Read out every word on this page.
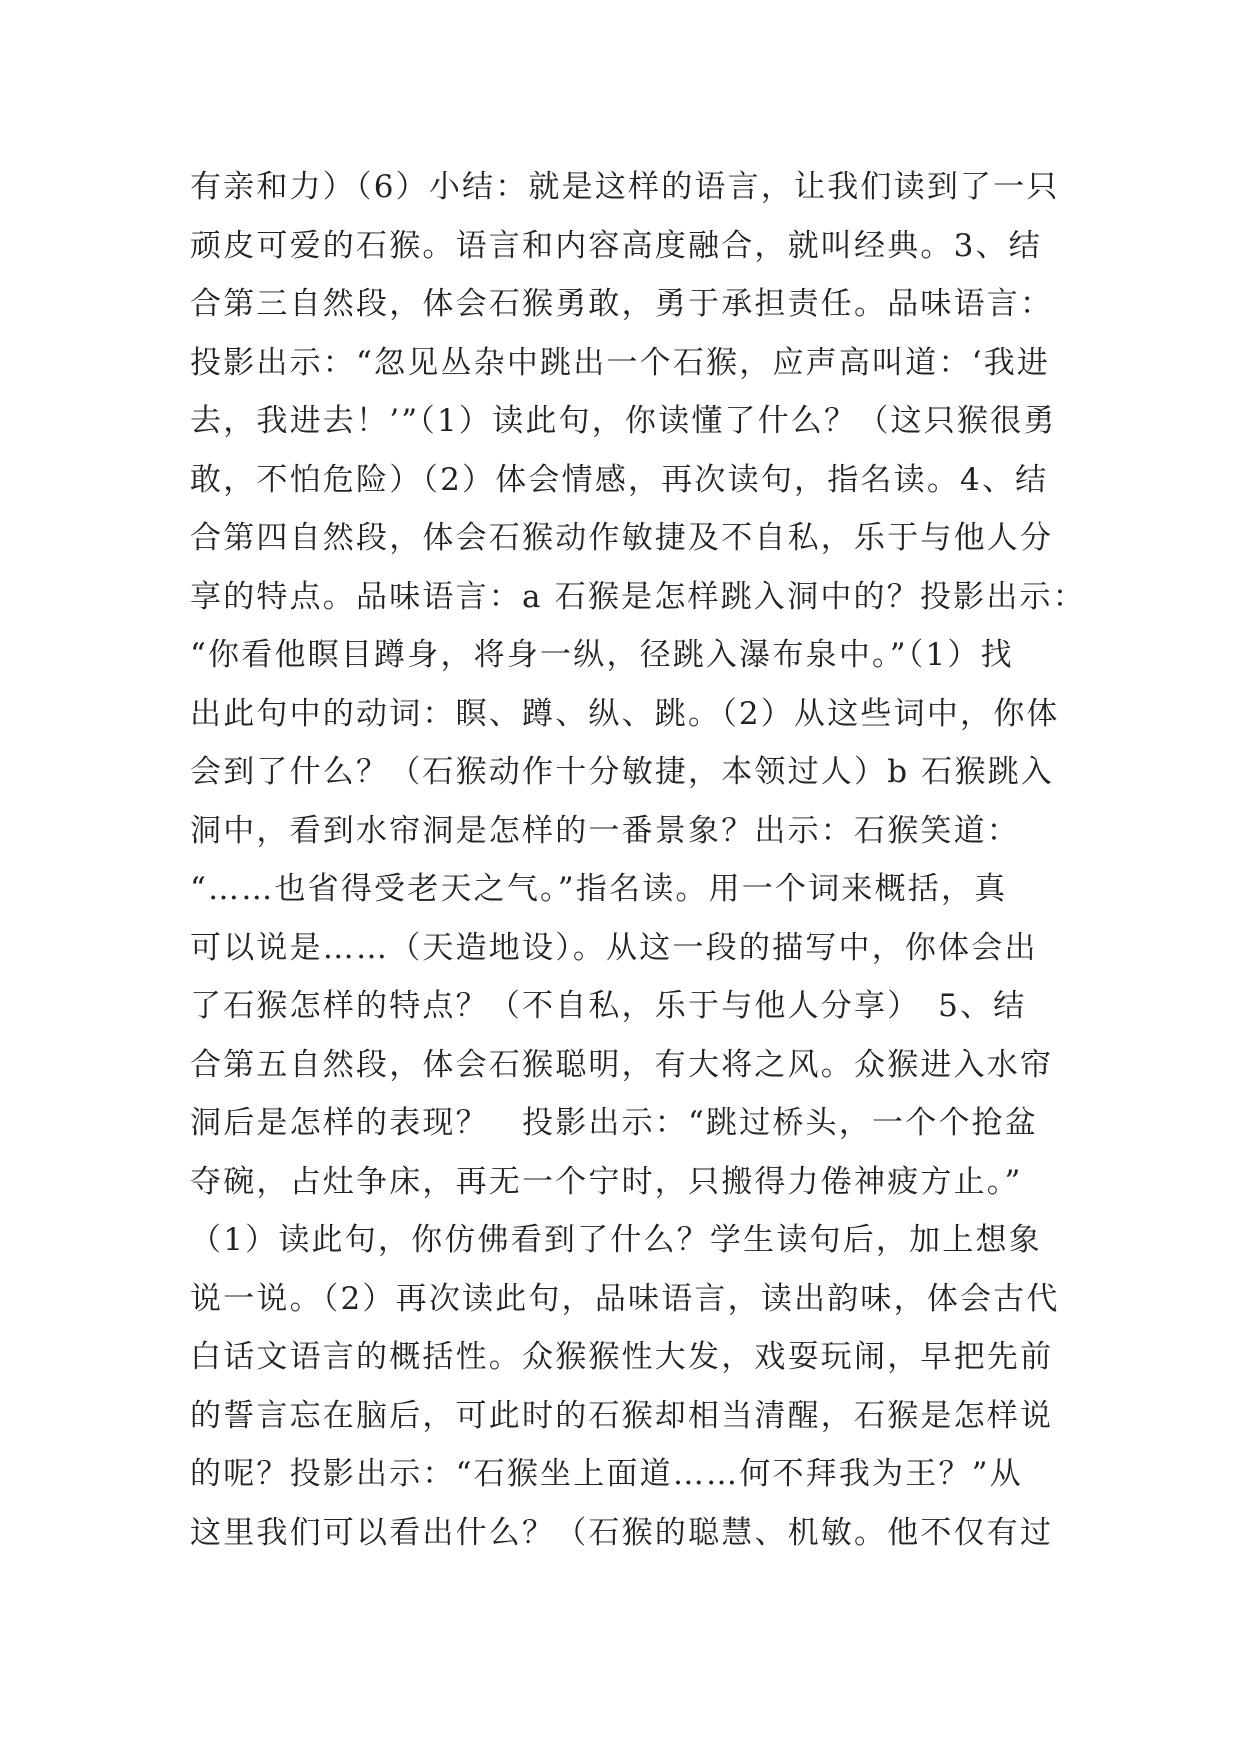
有亲和力）（6）小结：就是这样的语言，让我们读到了一只
顽皮可爱的石猴。语言和内容高度融合，就叫经典。3、结
合第三自然段，体会石猴勇敢，勇于承担责任。品味语言：
投影出示：“忽见丛杂中跳出一个石猴，应声高叫道：‘我进
去，我进去！’”（1）读此句，你读懂了什么？（这只猴很勇
敢，不怕危险）（2）体会情感，再次读句，指名读。4、结
合第四自然段，体会石猴动作敏捷及不自私，乐于与他人分
享的特点。品味语言：a 石猴是怎样跳入洞中的？投影出示：
“你看他瞑目蹲身，将身一纵，径跳入瀑布泉中。”（1）找
出此句中的动词：瞑、蹲、纵、跳。（2）从这些词中，你体
会到了什么？（石猴动作十分敏捷，本领过人）b 石猴跳入
洞中，看到水帘洞是怎样的一番景象？出示：石猴笑道：
“……也省得受老天之气。”指名读。用一个词来概括，真
可以说是……（天造地设）。从这一段的描写中，你体会出
了石猴怎样的特点？（不自私，乐于与他人分享）　5、结
合第五自然段，体会石猴聪明，有大将之风。众猴进入水帘
洞后是怎样的表现？　投影出示：“跳过桥头，一个个抢盆
夺碗，占灶争床，再无一个宁时，只搬得力倦神疲方止。”
（1）读此句，你仿佛看到了什么？学生读句后，加上想象
说一说。（2）再次读此句，品味语言，读出韵味，体会古代
白话文语言的概括性。众猴猴性大发，戏耍玩闹，早把先前
的誓言忘在脑后，可此时的石猴却相当清醒，石猴是怎样说
的呢？投影出示：“石猴坐上面道……何不拜我为王？”从
这里我们可以看出什么？（石猴的聪慧、机敏。他不仅有过
